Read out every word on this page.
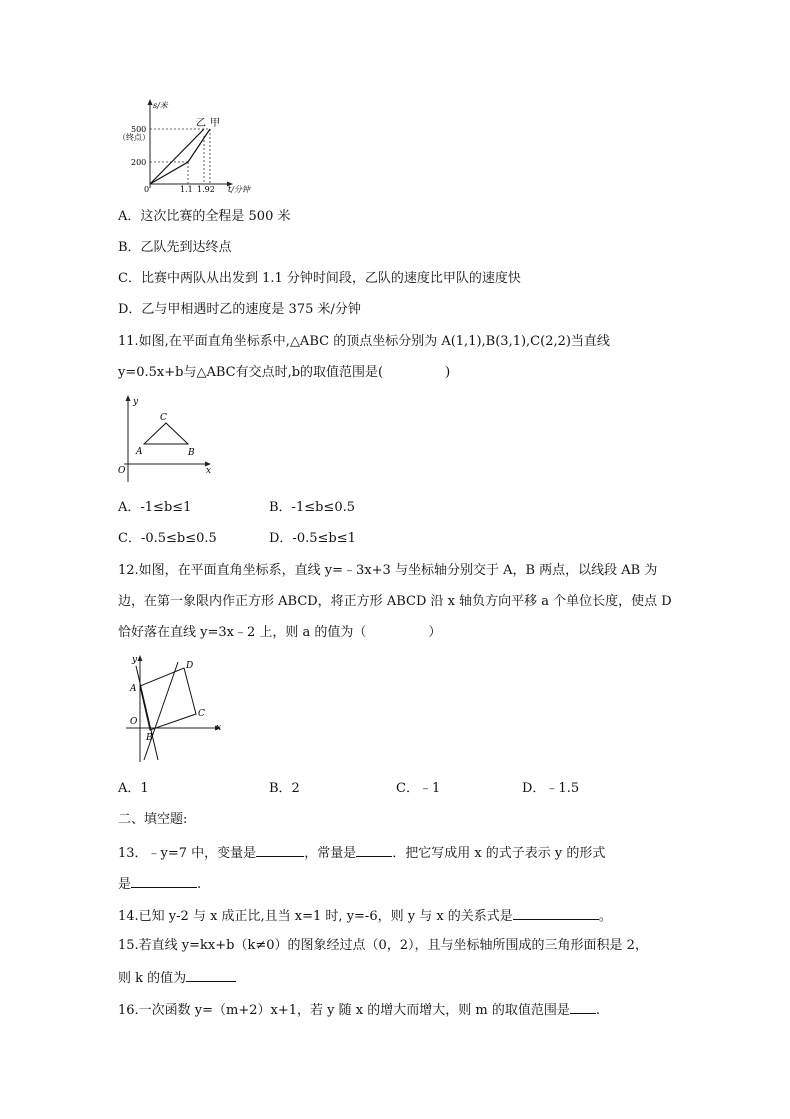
s/米
（终点）
500
200
0	1.1 1.92 t/分钟
乙 甲
A．这次比赛的全程是 500 米
B．乙队先到达终点
C．比赛中两队从出发到 1.1 分钟时间段，乙队的速度比甲队的速度快
D．乙与甲相遇时乙的速度是 375 米/分钟
11.如图,在平面直角坐标系中,△ABC 的顶点坐标分别为 A(1,1),B(3,1),C(2,2)当直线
y=0.5x+b与△ABC有交点时,b的取值范围是(	)
y
x
O
A	B
C
A．-1≤b≤1	B．-1≤b≤0.5
C．-0.5≤b≤0.5	D．-0.5≤b≤1
12.如图，在平面直角坐标系，直线 y=﹣3x+3 与坐标轴分别交于 A，B 两点，以线段 AB 为
边，在第一象限内作正方形 ABCD，将正方形 ABCD 沿 x 轴负方向平移 a 个单位长度，使点 D
恰好落在直线 y=3x﹣2 上，则 a 的值为（	）
y
x
O
A
B
C
D
A．1	B．2	C．﹣1	D．﹣1.5
二、填空题:
13．﹣y=7 中，变量是	，常量是	．把它写成用 x 的式子表示 y 的形式
是	.
14.已知 y-2 与 x 成正比,且当 x=1 时, y=-6，则 y 与 x 的关系式是	。
15.若直线 y=kx+b（k≠0）的图象经过点（0，2），且与坐标轴所围成的三角形面积是 2，
则 k 的值为
16.一次函数 y=（m+2）x+1，若 y 随 x 的增大而增大，则 m 的取值范围是 .
